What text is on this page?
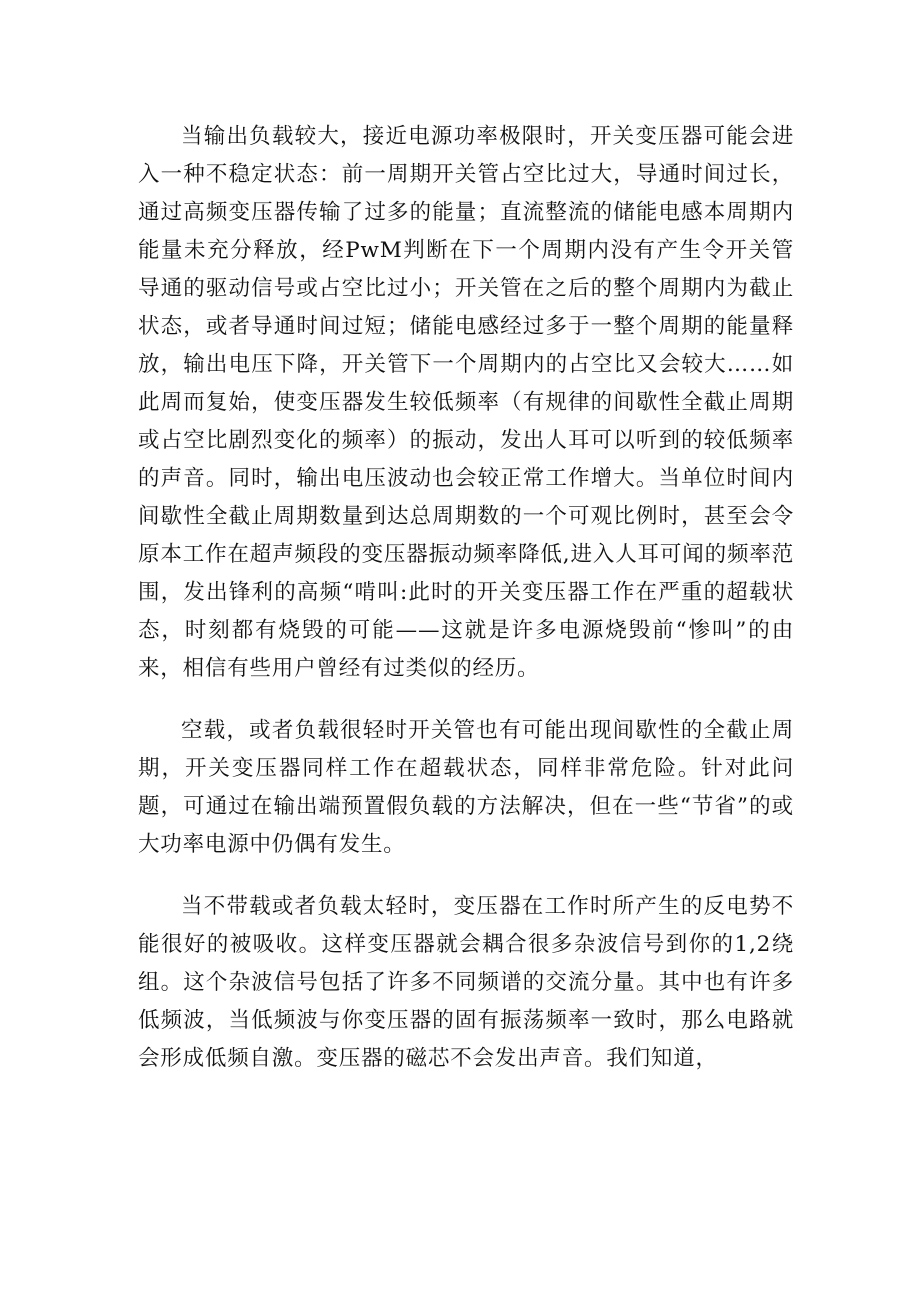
当输出负载较大，接近电源功率极限时，开关变压器可能会进入一种不稳定状态：前一周期开关管占空比过大，导通时间过长，通过高频变压器传输了过多的能量；直流整流的储能电感本周期内能量未充分释放，经PwM判断在下一个周期内没有产生令开关管导通的驱动信号或占空比过小；开关管在之后的整个周期内为截止状态，或者导通时间过短；储能电感经过多于一整个周期的能量释放，输出电压下降，开关管下一个周期内的占空比又会较大……如此周而复始，使变压器发生较低频率（有规律的间歇性全截止周期或占空比剧烈变化的频率）的振动，发出人耳可以听到的较低频率的声音。同时，输出电压波动也会较正常工作增大。当单位时间内间歇性全截止周期数量到达总周期数的一个可观比例时，甚至会令原本工作在超声频段的变压器振动频率降低,进入人耳可闻的频率范围，发出锋利的高频“啃叫:此时的开关变压器工作在严重的超载状态，时刻都有烧毁的可能——这就是许多电源烧毁前“惨叫”的由来，相信有些用户曾经有过类似的经历。

空载，或者负载很轻时开关管也有可能出现间歇性的全截止周期，开关变压器同样工作在超载状态，同样非常危险。针对此问题，可通过在输出端预置假负载的方法解决，但在一些“节省”的或大功率电源中仍偶有发生。

当不带载或者负载太轻时，变压器在工作时所产生的反电势不能很好的被吸收。这样变压器就会耦合很多杂波信号到你的1,2绕组。这个杂波信号包括了许多不同频谱的交流分量。其中也有许多低频波，当低频波与你变压器的固有振荡频率一致时，那么电路就会形成低频自激。变压器的磁芯不会发出声音。我们知道，
